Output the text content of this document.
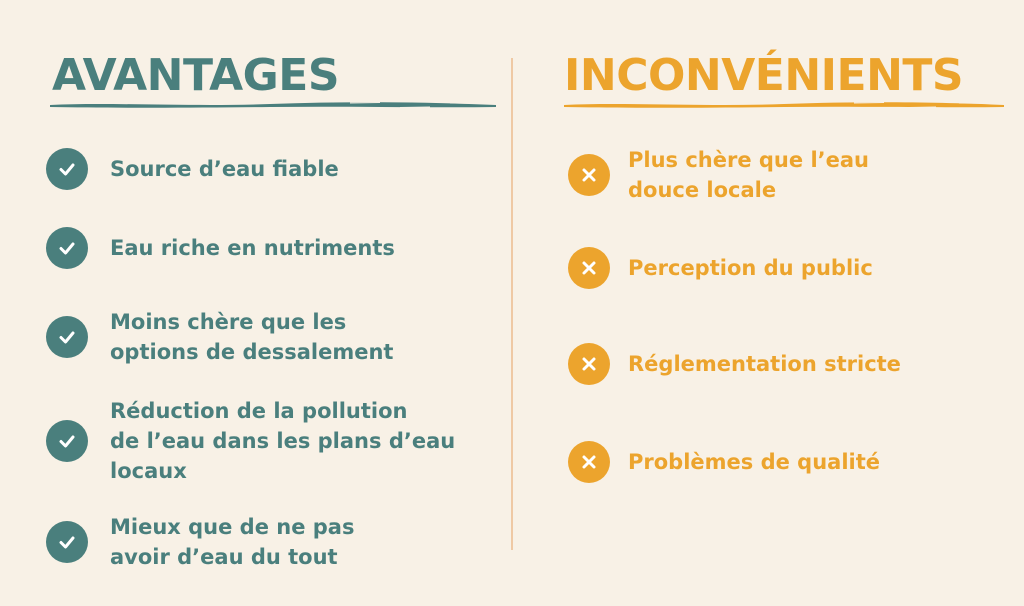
AVANTAGES
Source d’eau fiable
Eau riche en nutriments
Moins chère que les
options de dessalement
Réduction de la pollution
de l’eau dans les plans d’eau
locaux
Mieux que de ne pas
avoir d’eau du tout
INCONVÉNIENTS
Plus chère que l’eau
douce locale
Perception du public
Réglementation stricte
Problèmes de qualité
